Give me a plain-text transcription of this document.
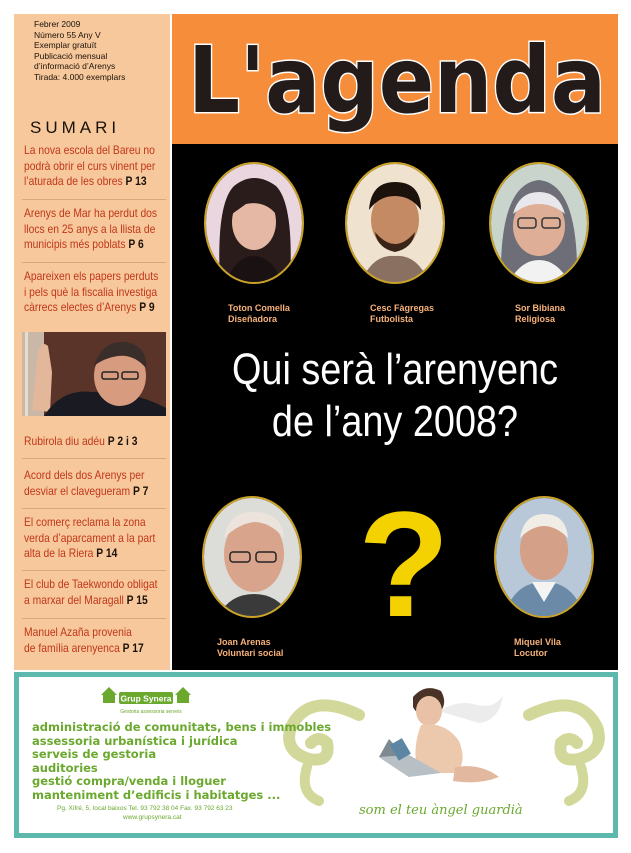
Febrer 2009
Número 55 Any V
Exemplar gratuït
Publicació mensual
d’informació d’Arenys
Tirada: 4.000 exemplars
SUMARI
La nova escola del Bareu no
podrà obrir el curs vinent per
l’aturada de les obres P 13
Arenys de Mar ha perdut dos
llocs en 25 anys a la llista de
municipis més poblats P 6
Apareixen els papers perduts
i pels què la fiscalia investiga
càrrecs electes d’Arenys P 9
Rubirola diu adéu P 2 i 3
Acord dels dos Arenys per
desviar el clavegueram P 7
El comerç reclama la zona
verda d’aparcament a la part
alta de la Riera P 14
El club de Taekwondo obligat
a marxar del Maragall P 15
Manuel Azaña provenia
de família arenyenca P 17
L'agenda
Toton Comella
Diseñadora
Cesc Fàgregas
Futbolista
Sor Bibiana
Religiosa
Qui serà l’arenyenc
de l’any 2008?
Joan Arenas
Voluntari social
?	Miquel Vila
Locutor
Grup Synera
Gestoria assessoria serveis
administració de comunitats, bens i immobles
assessoria urbanística i jurídica
serveis de gestoria
auditories
gestió compra/venda i lloguer
manteniment d’edificis i habitatges ...
Pg. Xifré, 5, local baixos Tel. 93 792 38 04 Fax. 93 792 63 23
www.grupsynera.cat	som el teu àngel guardià
